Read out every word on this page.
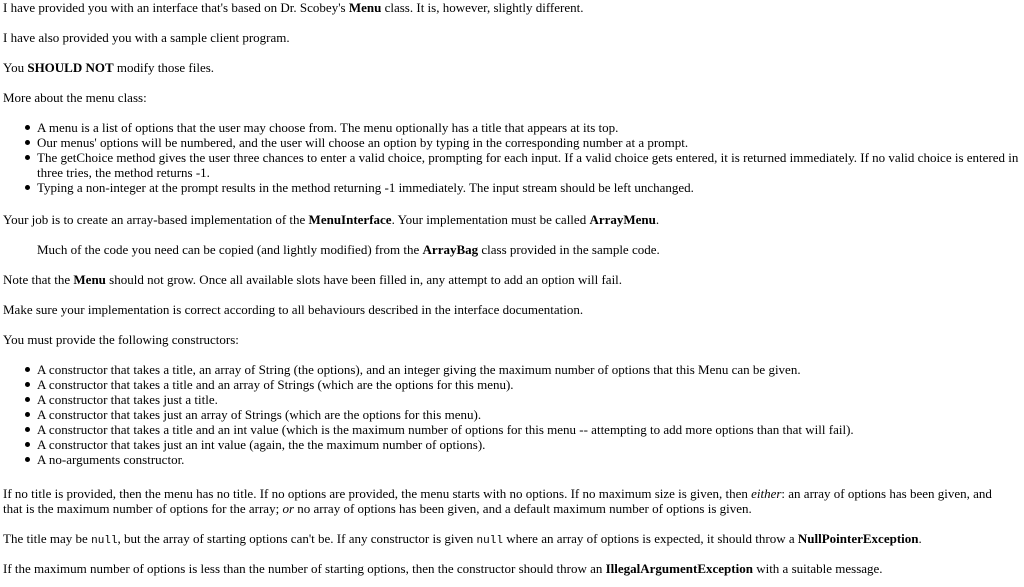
I have provided you with an interface that's based on Dr. Scobey's Menu class. It is, however, slightly different.

I have also provided you with a sample client program.

You SHOULD NOT modify those files.

More about the menu class:

A menu is a list of options that the user may choose from. The menu optionally has a title that appears at its top.
Our menus' options will be numbered, and the user will choose an option by typing in the corresponding number at a prompt.
The getChoice method gives the user three chances to enter a valid choice, prompting for each input. If a valid choice gets entered, it is returned immediately. If no valid choice is entered in three tries, the method returns -1.
Typing a non-integer at the prompt results in the method returning -1 immediately. The input stream should be left unchanged.

Your job is to create an array-based implementation of the MenuInterface. Your implementation must be called ArrayMenu.

Much of the code you need can be copied (and lightly modified) from the ArrayBag class provided in the sample code.

Note that the Menu should not grow. Once all available slots have been filled in, any attempt to add an option will fail.

Make sure your implementation is correct according to all behaviours described in the interface documentation.

You must provide the following constructors:

A constructor that takes a title, an array of String (the options), and an integer giving the maximum number of options that this Menu can be given.
A constructor that takes a title and an array of Strings (which are the options for this menu).
A constructor that takes just a title.
A constructor that takes just an array of Strings (which are the options for this menu).
A constructor that takes a title and an int value (which is the maximum number of options for this menu -- attempting to add more options than that will fail).
A constructor that takes just an int value (again, the the maximum number of options).
A no-arguments constructor.

If no title is provided, then the menu has no title. If no options are provided, the menu starts with no options. If no maximum size is given, then either: an array of options has been given, and that is the maximum number of options for the array; or no array of options has been given, and a default maximum number of options is given.

The title may be null, but the array of starting options can't be. If any constructor is given null where an array of options is expected, it should throw a NullPointerException.

If the maximum number of options is less than the number of starting options, then the constructor should throw an IllegalArgumentException with a suitable message.
